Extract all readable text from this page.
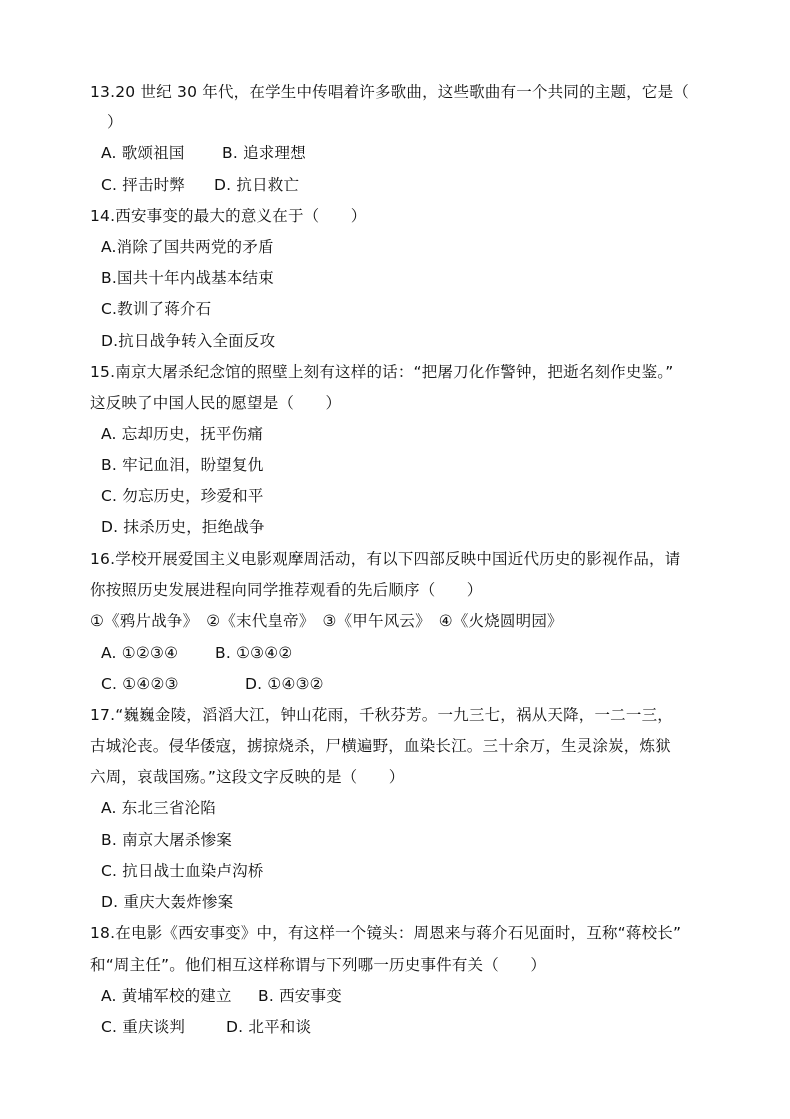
13.20 世纪 30 年代，在学生中传唱着许多歌曲，这些歌曲有一个共同的主题，它是（
）
A. 歌颂祖国 B. 追求理想
C. 抨击时弊 D. 抗日救亡
14.西安事变的最大的意义在于（　　）
A.消除了国共两党的矛盾
B.国共十年内战基本结束
C.教训了蒋介石
D.抗日战争转入全面反攻
15.南京大屠杀纪念馆的照壁上刻有这样的话：“把屠刀化作警钟，把逝名刻作史鉴。”
这反映了中国人民的愿望是（　　）
A. 忘却历史，抚平伤痛
B. 牢记血泪，盼望复仇
C. 勿忘历史，珍爱和平
D. 抹杀历史，拒绝战争
16.学校开展爱国主义电影观摩周活动，有以下四部反映中国近代历史的影视作品，请
你按照历史发展进程向同学推荐观看的先后顺序（　　）
①《鸦片战争》　②《末代皇帝》　③《甲午风云》　④《火烧圆明园》
A. ①②③④ B. ①③④②
C. ①④②③	D. ①④③②
17.“巍巍金陵，滔滔大江，钟山花雨，千秋芬芳。一九三七，祸从天降，一二一三，
古城沦丧。侵华倭寇，掳掠烧杀，尸横遍野，血染长江。三十余万，生灵涂炭，炼狱
六周，哀哉国殇。”这段文字反映的是（　　）
A. 东北三省沦陷
B. 南京大屠杀惨案
C. 抗日战士血染卢沟桥
D. 重庆大轰炸惨案
18.在电影《西安事变》中，有这样一个镜头：周恩来与蒋介石见面时，互称“蒋校长”
和“周主任”。他们相互这样称谓与下列哪一历史事件有关（　　）
A. 黄埔军校的建立 B. 西安事变
C. 重庆谈判	D. 北平和谈
